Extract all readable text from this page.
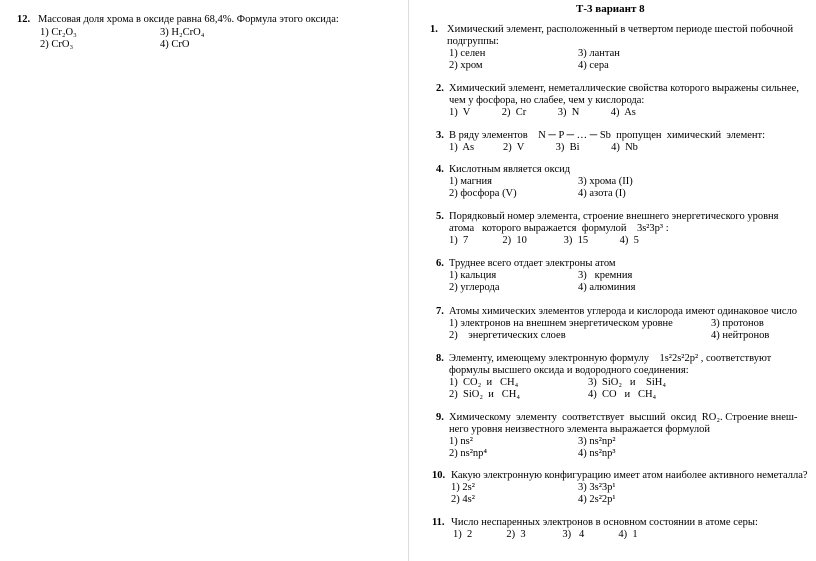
12. Массовая доля хрома в оксиде равна 68,4%. Формула этого оксида:
1) Cr₂O₃	3) H₂CrO₄
2) CrO₃	4) CrO
Т-3 вариант 8
1. Химический элемент, расположенный в четвертом периоде шестой побочной
подгруппы:
1) селен	3) лантан
2) хром	4) сера
2. Химический элемент, неметаллические свойства которого выражены сильнее,
чем у фосфора, но слабее, чем у кислорода:
1)  V            2)  Cr            3)  N            4)  As
3. В ряду элементов    N ─ P ─ … ─ Sb  пропущен  химический  элемент:
1)  As           2)  V            3)  Bi            4)  Nb
4. Кислотным является оксид
1) магния	3) хрома (II)
2) фосфора (V)	4) азота (I)
5. Порядковый номер элемента, строение внешнего энергетического уровня
атома   которого выражается  формулой    3s²3p³ :
1)  7             2)  10              3)  15            4)  5
6. Труднее всего отдает электроны атом
1) кальция	3)   кремния
2) углерода	4) алюминия
7. Атомы химических элементов углерода и кислорода имеют одинаковое число
1) электронов на внешнем энергетическом уровне	3) протонов
2)    энергетических слоев	4) нейтронов
8. Элементу, имеющему электронную формулу    1s²2s²2p² , соответствуют
формулы высшего оксида и водородного соединения:
1)  CO₂  и   CH₄	3)  SiO₂   и    SiH₄
2)  SiO₂  и   CH₄	4)  CO   и   CH₄
9. Химическому  элементу  соответствует  высший  оксид  RO₂. Строение внеш-
него уровня неизвестного элемента выражается формулой
1) ns²	3) ns²np²
2) ns²np⁴	4) ns²np³
10. Какую электронную конфигурацию имеет атом наиболее активного неметалла?
1) 2s²	3) 3s²3p¹
2) 4s²	4) 2s²2p¹
11. Число неспаренных электронов в основном состоянии в атоме серы:
1)  2             2)  3              3)   4             4)  1
